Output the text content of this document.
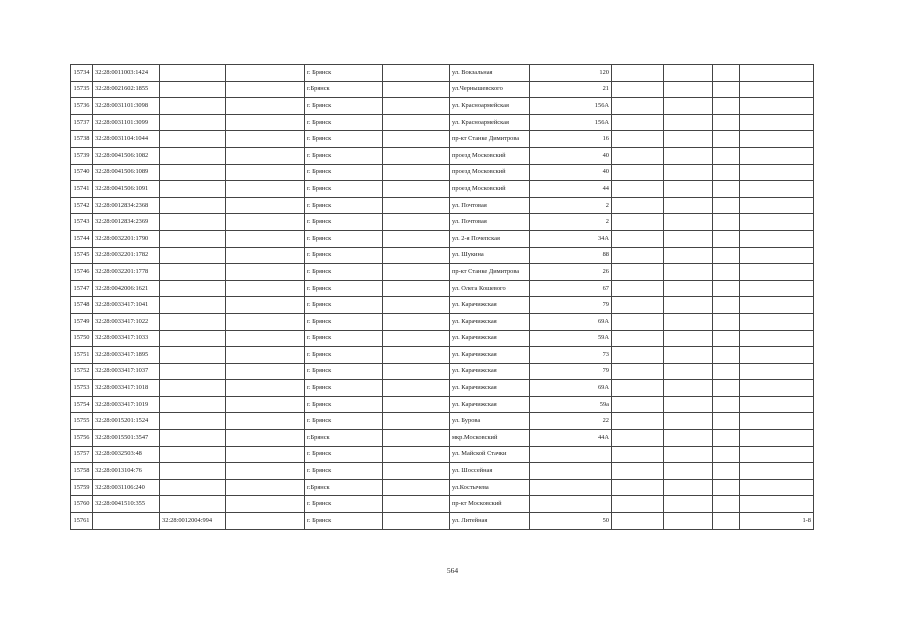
15734	32:28:0011003:1424			г. Брянск		ул. Вокзальная	120				
15735	32:28:0021602:1855			г.Брянск		ул.Чернышевского	21				
15736	32:28:0031101:3098			г. Брянск		ул. Красноармейская	156А				
15737	32:28:0031101:3099			г. Брянск		ул. Красноармейская	156А				
15738	32:28:0031104:1044			г. Брянск		пр-кт Станке Димитрова	16				
15739	32:28:0041506:1082			г. Брянск		проезд Московский	40				
15740	32:28:0041506:1089			г. Брянск		проезд Московский	40				
15741	32:28:0041506:1091			г. Брянск		проезд Московский	44				
15742	32:28:0012834:2368			г. Брянск		ул. Почтовая	2				
15743	32:28:0012834:2369			г. Брянск		ул. Почтовая	2				
15744	32:28:0032201:1790			г. Брянск		ул. 2-я Почепская	34А				
15745	32:28:0032201:1782			г. Брянск		ул. Шукина	88				
15746	32:28:0032201:1778			г. Брянск		пр-кт Станке Димитрова	26				
15747	32:28:0042006:1621			г. Брянск		ул. Олега Кошевого	67				
15748	32:28:0033417:1041			г. Брянск		ул. Карачижская	79				
15749	32:28:0033417:1022			г. Брянск		ул. Карачижская	69А				
15750	32:28:0033417:1033			г. Брянск		ул. Карачижская	59А				
15751	32:28:0033417:1895			г. Брянск		ул. Карачижская	73				
15752	32:28:0033417:1037			г. Брянск		ул. Карачижская	79				
15753	32:28:0033417:1018			г. Брянск		ул. Карачижская	69А				
15754	32:28:0033417:1019			г. Брянск		ул. Карачижская	59а				
15755	32:28:0015201:1524			г. Брянск		ул. Бурова	22				
15756	32:28:0015501:3547			г.Брянск		мкр.Московский	44А				
15757	32:28:0032503:48			г. Брянск		ул. Майской Стачки					
15758	32:28:0013104:76			г. Брянск		ул. Шоссейная					
15759	32:28:0031106:240			г.Брянск		ул.Костычева					
15760	32:28:0041510:355			г. Брянск		пр-кт Московский					
15761		32:28:0012004:994		г. Брянск		ул. Литейная	50				1-8
564
